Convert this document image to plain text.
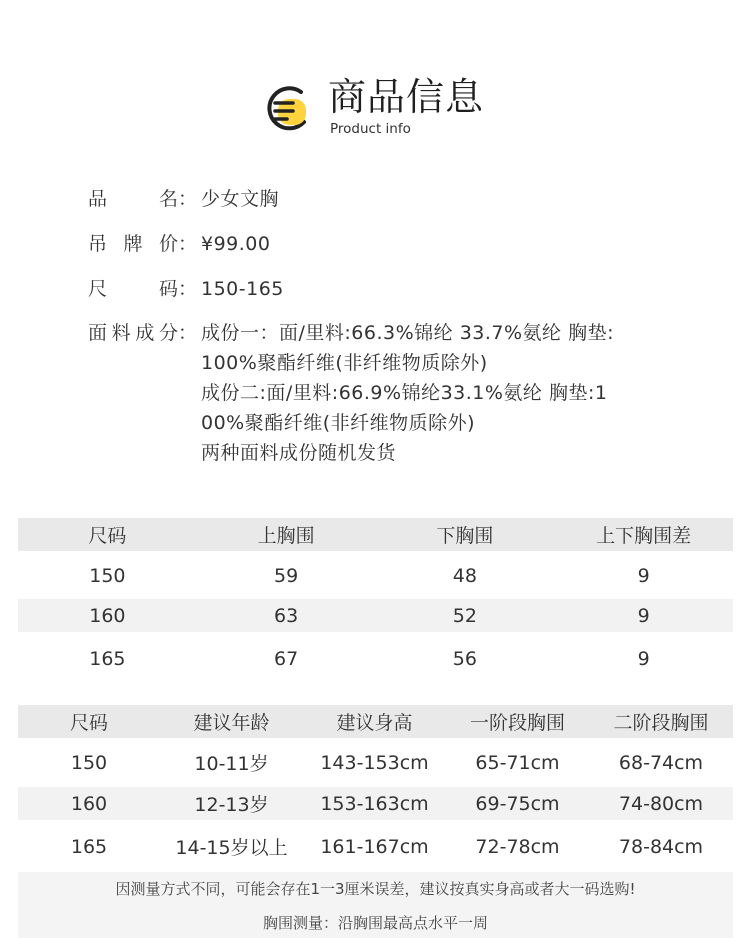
商品信息
Product info
品	名 ： 少女文胸
吊 牌 价 ： ¥99.00
尺	码 ： 150-165
面 料 成 分 ： 成份一：面/里料:66.3%锦纶 33.7%氨纶 胸垫:
100%聚酯纤维(非纤维物质除外)
成份二:面/里料:66.9%锦纶33.1%氨纶 胸垫:1
00%聚酯纤维(非纤维物质除外)
两种面料成份随机发货
尺码	上胸围	下胸围	上下胸围差
150	59	48	9
160	63	52	9
165	67	56	9
尺码	建议年龄	建议身高	一阶段胸围	二阶段胸围
150	10-11岁	143-153cm	65-71cm	68-74cm
160	12-13岁	153-163cm	69-75cm	74-80cm
165	14-15岁以上	161-167cm	72-78cm	78-84cm
因测量方式不同，可能会存在1一3厘米误差，建议按真实身高或者大一码选购!
胸围测量：沿胸围最高点水平一周
